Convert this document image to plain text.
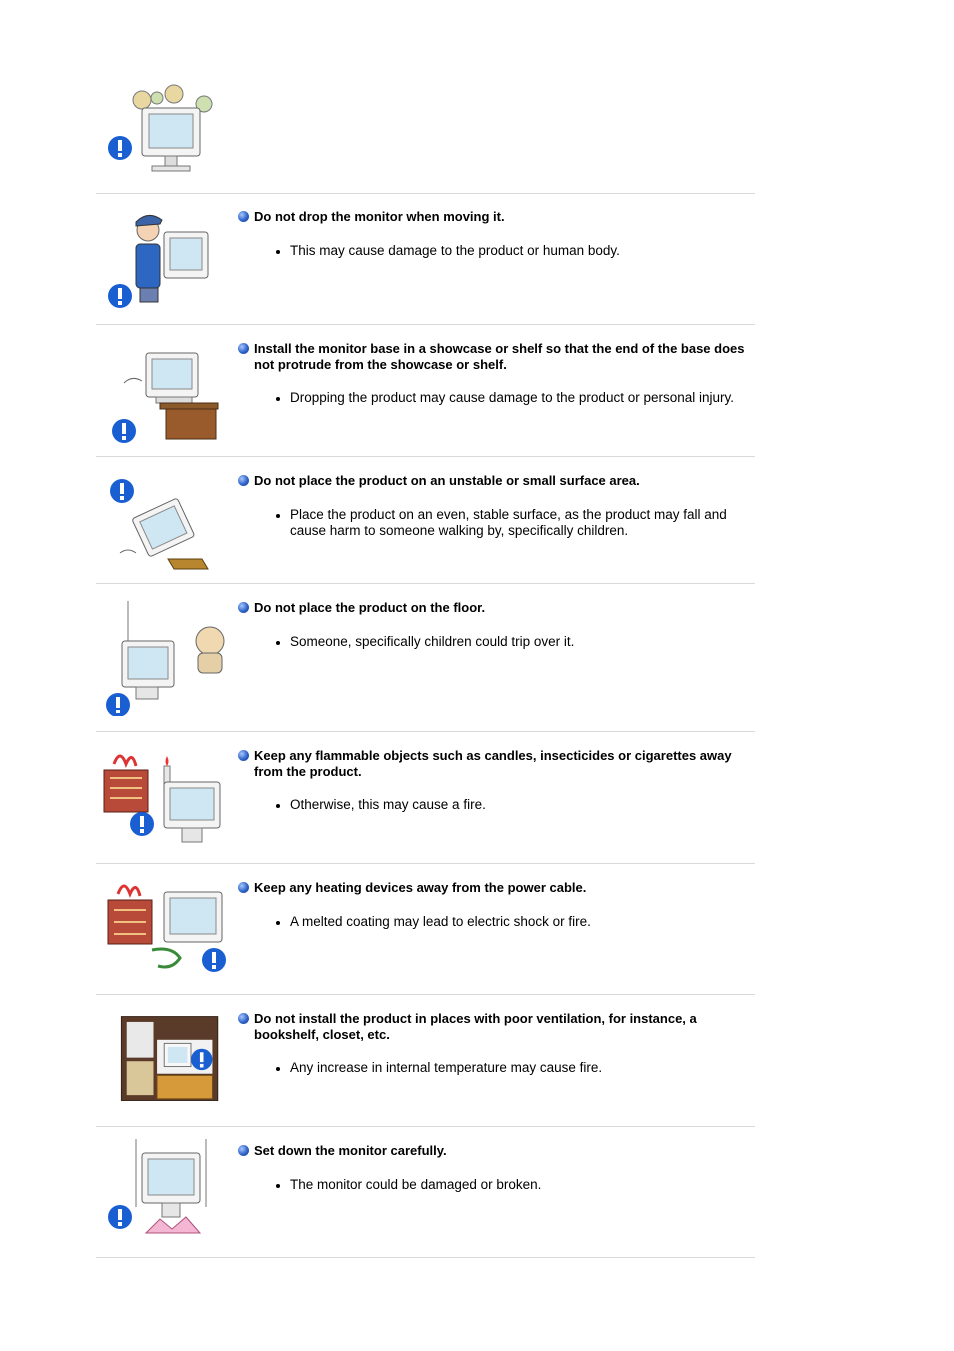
Do not drop the monitor when moving it.
This may cause damage to the product or human body.
Install the monitor base in a showcase or shelf so that the end of the base does not protrude from the showcase or shelf.
Dropping the product may cause damage to the product or personal injury.
Do not place the product on an unstable or small surface area.
Place the product on an even, stable surface, as the product may fall and cause harm to someone walking by, specifically children.
Do not place the product on the floor.
Someone, specifically children could trip over it.
Keep any flammable objects such as candles, insecticides or cigarettes away from the product.
Otherwise, this may cause a fire.
Keep any heating devices away from the power cable.
A melted coating may lead to electric shock or fire.
Do not install the product in places with poor ventilation, for instance, a bookshelf, closet, etc.
Any increase in internal temperature may cause fire.
Set down the monitor carefully.
The monitor could be damaged or broken.
